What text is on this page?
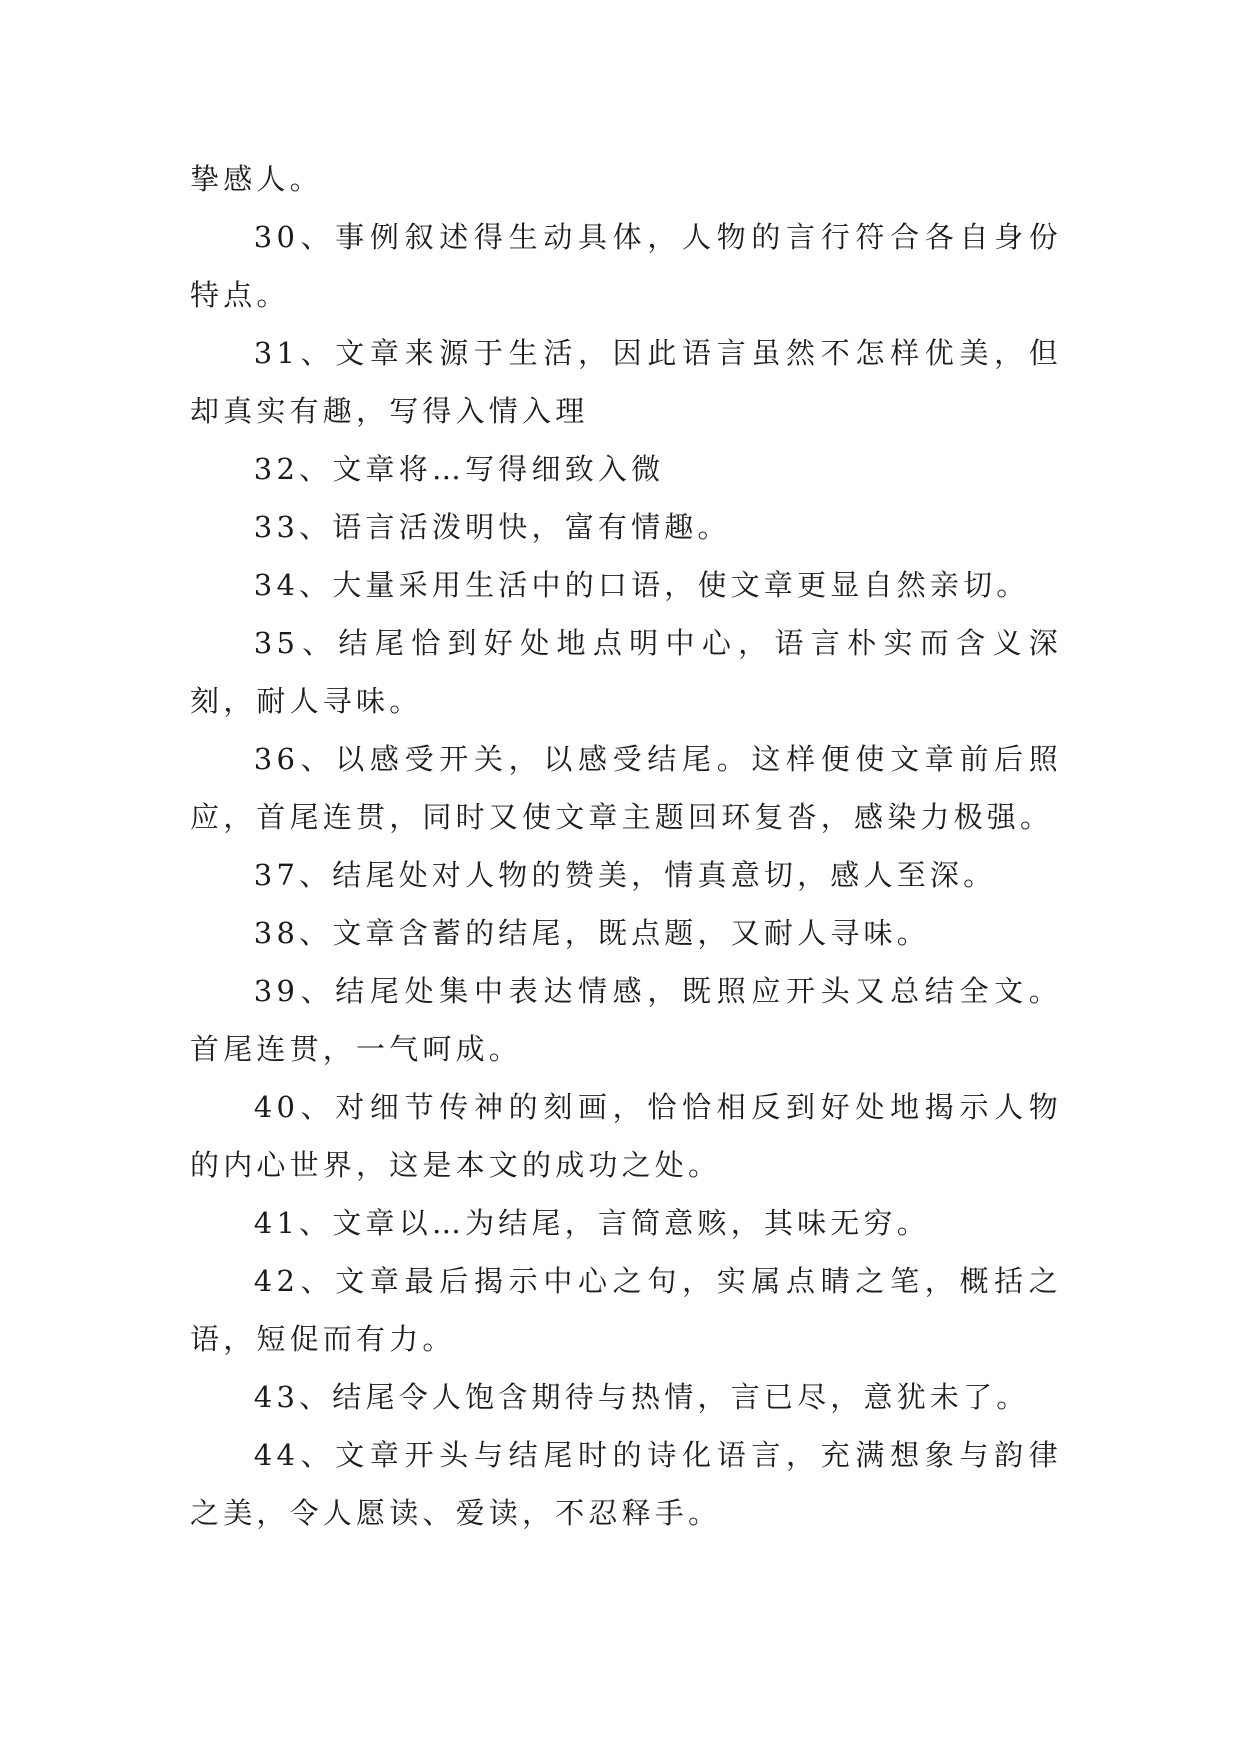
挚感人。

30、事例叙述得生动具体，人物的言行符合各自身份特点。

31、文章来源于生活，因此语言虽然不怎样优美，但却真实有趣，写得入情入理

32、文章将…写得细致入微

33、语言活泼明快，富有情趣。

34、大量采用生活中的口语，使文章更显自然亲切。

35、结尾恰到好处地点明中心，语言朴实而含义深刻，耐人寻味。

36、以感受开关，以感受结尾。这样便使文章前后照应，首尾连贯，同时又使文章主题回环复沓，感染力极强。

37、结尾处对人物的赞美，情真意切，感人至深。

38、文章含蓄的结尾，既点题，又耐人寻味。

39、结尾处集中表达情感，既照应开头又总结全文。首尾连贯，一气呵成。

40、对细节传神的刻画，恰恰相反到好处地揭示人物的内心世界，这是本文的成功之处。

41、文章以…为结尾，言简意赅，其味无穷。

42、文章最后揭示中心之句，实属点睛之笔，概括之语，短促而有力。

43、结尾令人饱含期待与热情，言已尽，意犹未了。

44、文章开头与结尾时的诗化语言，充满想象与韵律之美，令人愿读、爱读，不忍释手。
